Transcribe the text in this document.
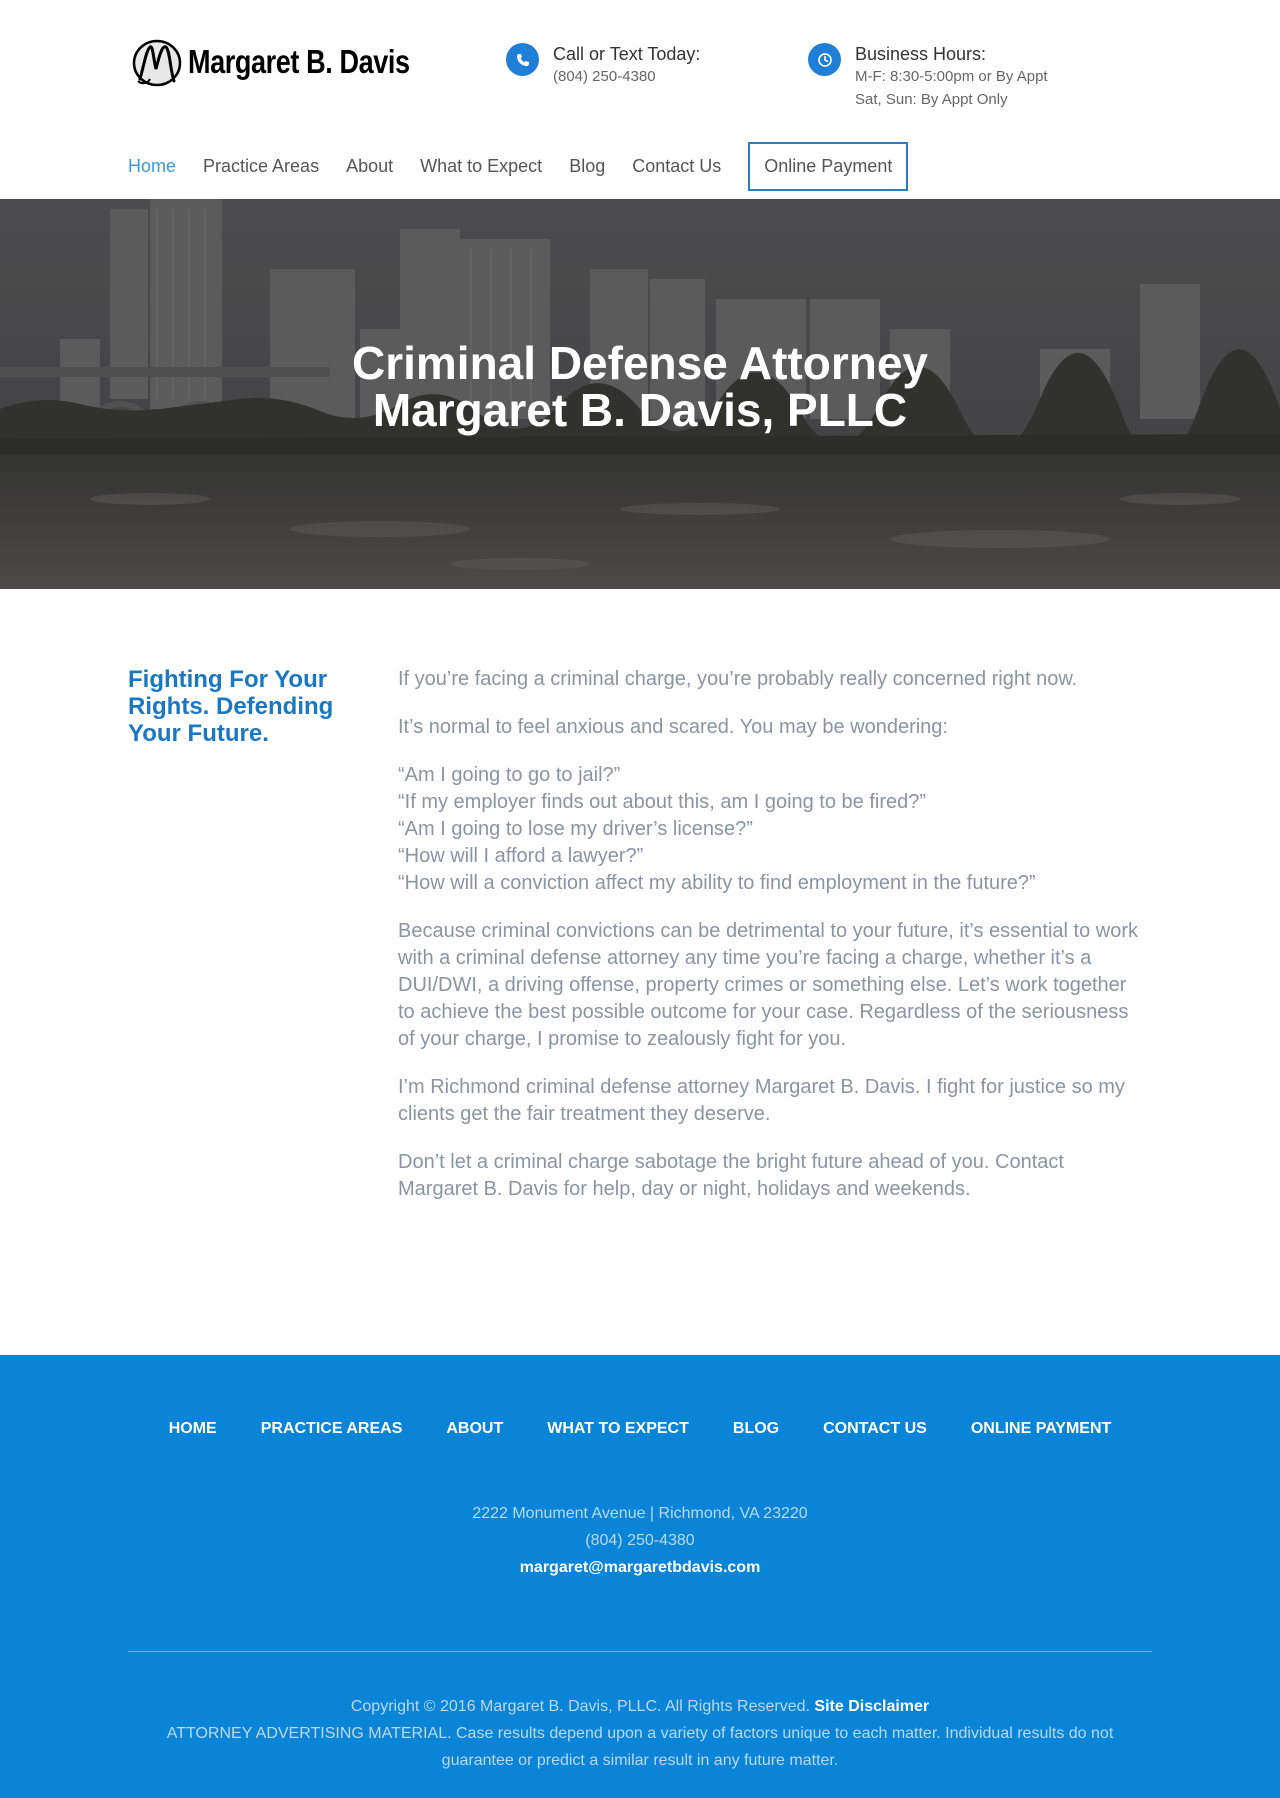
Margaret B. Davis	Call or Text Today:
(804) 250-4380
Business Hours:
M-F: 8:30-5:00pm or By Appt
Sat, Sun: By Appt Only
Home Practice Areas About What to Expect Blog Contact Us	Online Payment
Criminal Defense Attorney
Margaret B. Davis, PLLC
Fighting For Your Rights. Defending Your Future.

If you’re facing a criminal charge, you’re probably really concerned right now.

It’s normal to feel anxious and scared. You may be wondering:

“Am I going to go to jail?”
“If my employer finds out about this, am I going to be fired?”
“Am I going to lose my driver’s license?”
“How will I afford a lawyer?”
“How will a conviction affect my ability to find employment in the future?”

Because criminal convictions can be detrimental to your future, it’s essential to work with a criminal defense attorney any time you’re facing a charge, whether it’s a DUI/DWI, a driving offense, property crimes or something else. Let’s work together to achieve the best possible outcome for your case. Regardless of the seriousness of your charge, I promise to zealously fight for you.

I’m Richmond criminal defense attorney Margaret B. Davis. I fight for justice so my clients get the fair treatment they deserve.

Don’t let a criminal charge sabotage the bright future ahead of you. Contact Margaret B. Davis for help, day or night, holidays and weekends.

HOME	PRACTICE AREAS	ABOUT	WHAT TO EXPECT	BLOG	CONTACT US	ONLINE PAYMENT
2222 Monument Avenue | Richmond, VA 23220
(804) 250-4380
margaret@margaretbdavis.com
Copyright © 2016 Margaret B. Davis, PLLC. All Rights Reserved. Site Disclaimer
ATTORNEY ADVERTISING MATERIAL. Case results depend upon a variety of factors unique to each matter. Individual results do not guarantee or predict a similar result in any future matter.
